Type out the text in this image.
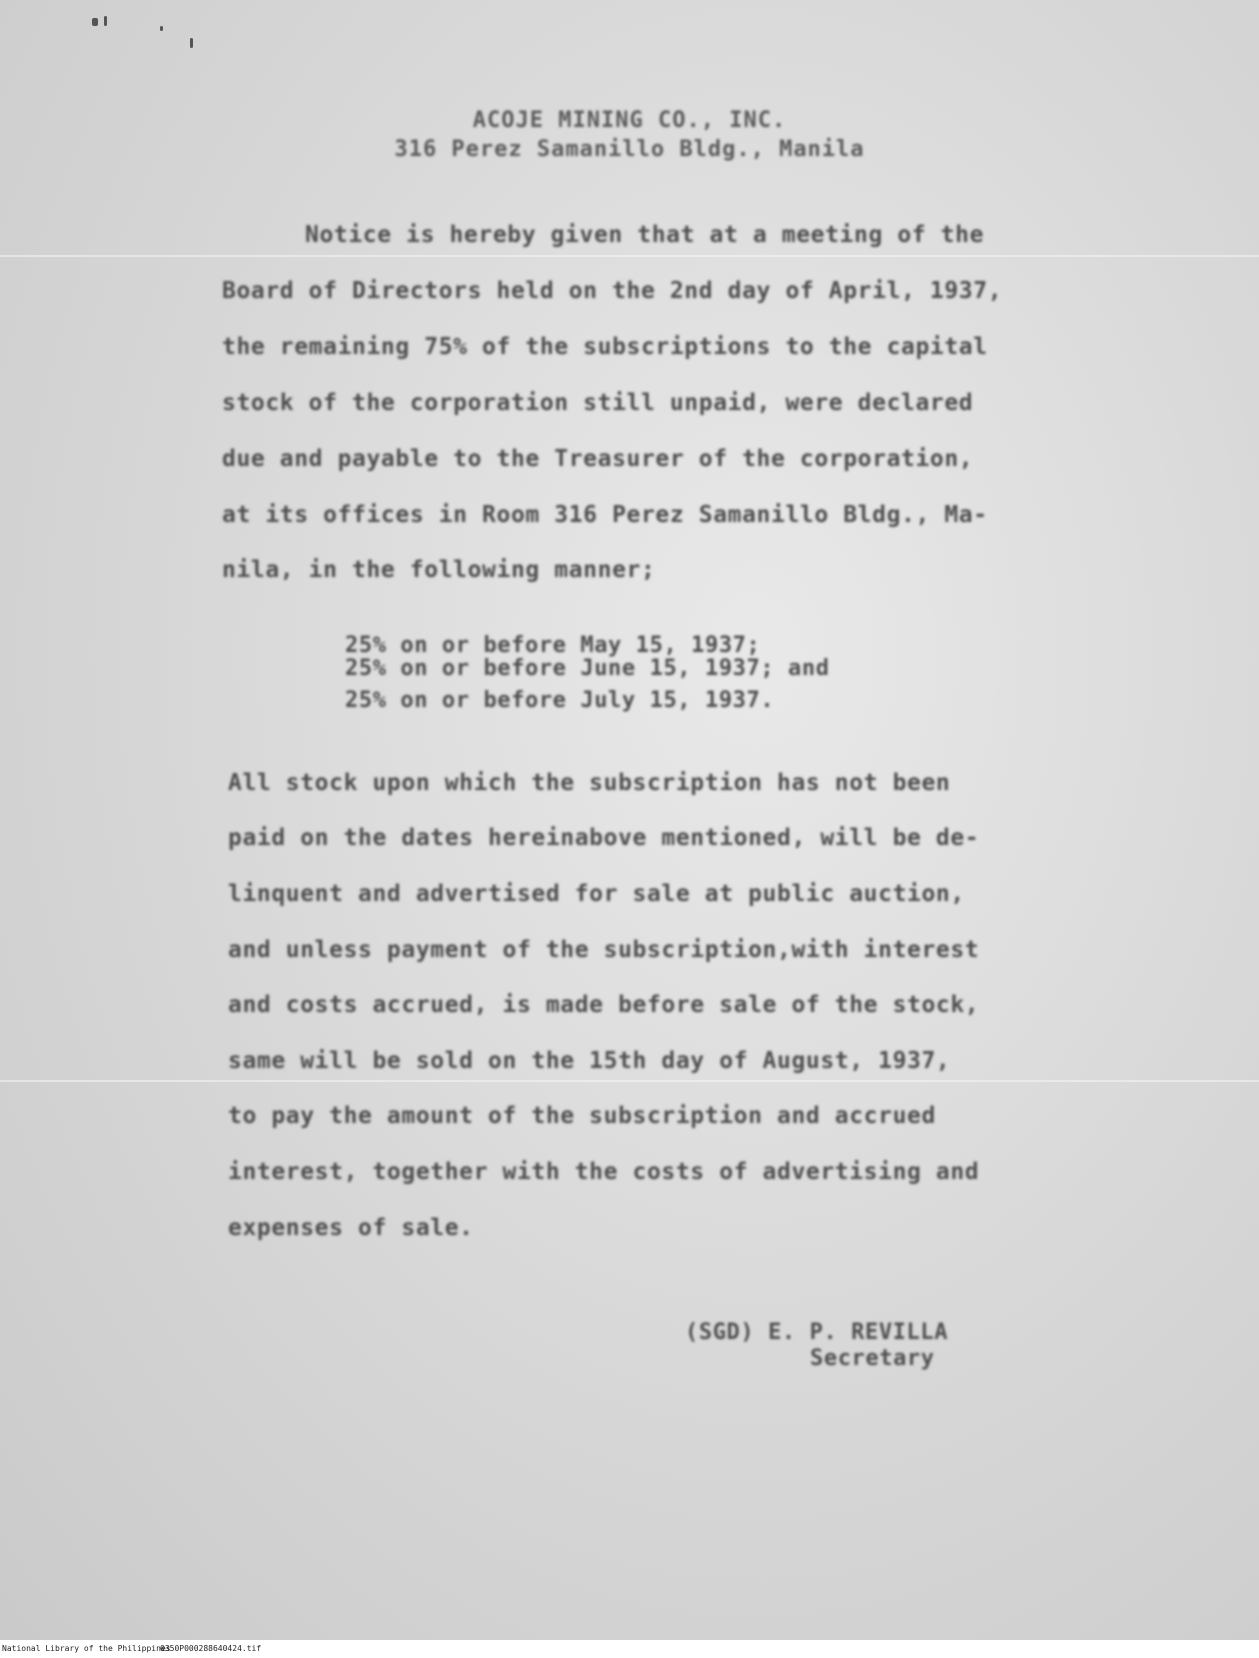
ACOJE MINING CO., INC.
316 Perez Samanillo Bldg., Manila
Notice is hereby given that at a meeting of the
Board of Directors held on the 2nd day of April, 1937,
the remaining 75% of the subscriptions to the capital
stock of the corporation still unpaid, were declared
due and payable to the Treasurer of the corporation,
at its offices in Room 316 Perez Samanillo Bldg., Ma-
nila, in the following manner;
25% on or before May 15, 1937;
25% on or before June 15, 1937; and
25% on or before July 15, 1937.
All stock upon which the subscription has not been
paid on the dates hereinabove mentioned, will be de-
linquent and advertised for sale at public auction,
and unless payment of the subscription,with interest
and costs accrued, is made before sale of the stock,
same will be sold on the 15th day of August, 1937,
to pay the amount of the subscription and accrued
interest, together with the costs of advertising and
expenses of sale.
(SGD) E. P. REVILLA
Secretary
National Library of the Philippines
0350P000288640424.tif
